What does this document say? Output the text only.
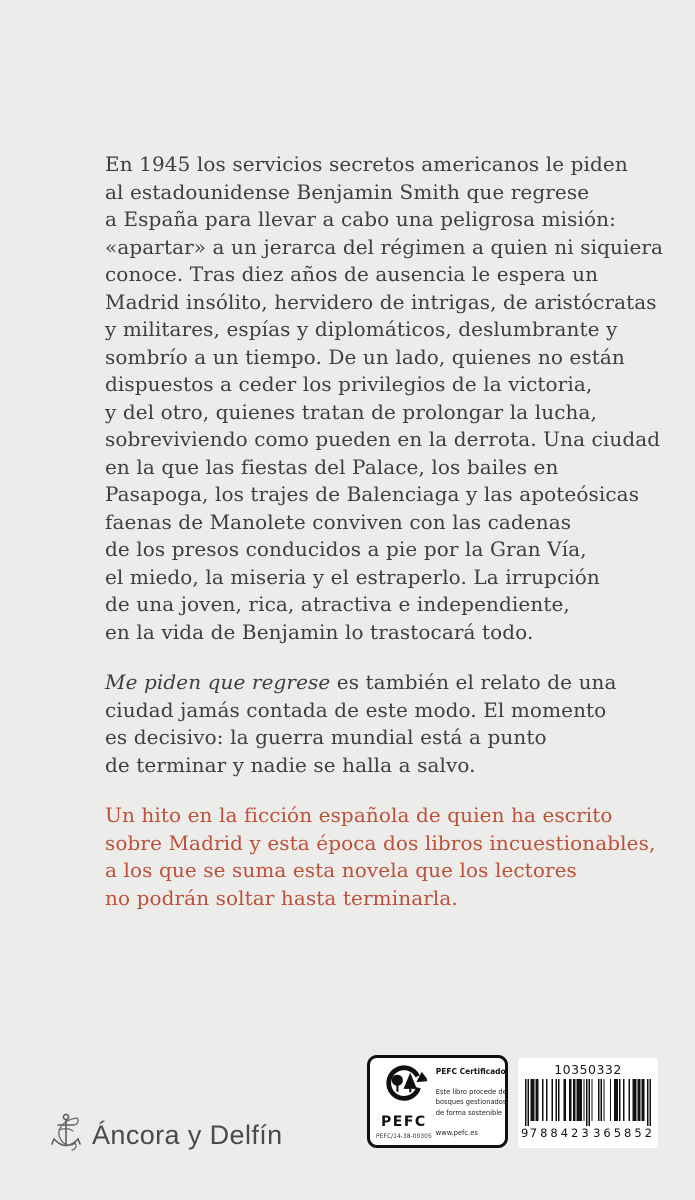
En 1945 los servicios secretos americanos le piden
al estadounidense Benjamin Smith que regrese
a España para llevar a cabo una peligrosa misión:
«apartar» a un jerarca del régimen a quien ni siquiera
conoce. Tras diez años de ausencia le espera un
Madrid insólito, hervidero de intrigas, de aristócratas
y militares, espías y diplomáticos, deslumbrante y
sombrío a un tiempo. De un lado, quienes no están
dispuestos a ceder los privilegios de la victoria,
y del otro, quienes tratan de prolongar la lucha,
sobreviviendo como pueden en la derrota. Una ciudad
en la que las fiestas del Palace, los bailes en
Pasapoga, los trajes de Balenciaga y las apoteósicas
faenas de Manolete conviven con las cadenas
de los presos conducidos a pie por la Gran Vía,
el miedo, la miseria y el estraperlo. La irrupción
de una joven, rica, atractiva e independiente,
en la vida de Benjamin lo trastocará todo.
Me piden que regrese es también el relato de una
ciudad jamás contada de este modo. El momento
es decisivo: la guerra mundial está a punto
de terminar y nadie se halla a salvo.
Un hito en la ficción española de quien ha escrito
sobre Madrid y esta época dos libros incuestionables,
a los que se suma esta novela que los lectores
no podrán soltar hasta terminarla.
Áncora y Delfín	PEFC
PEFC/14-38-00305
PEFC Certificado
Este libro procede de
bosques gestionados
de forma sostenible
www.pefc.es
10350332
9 788423 365852
